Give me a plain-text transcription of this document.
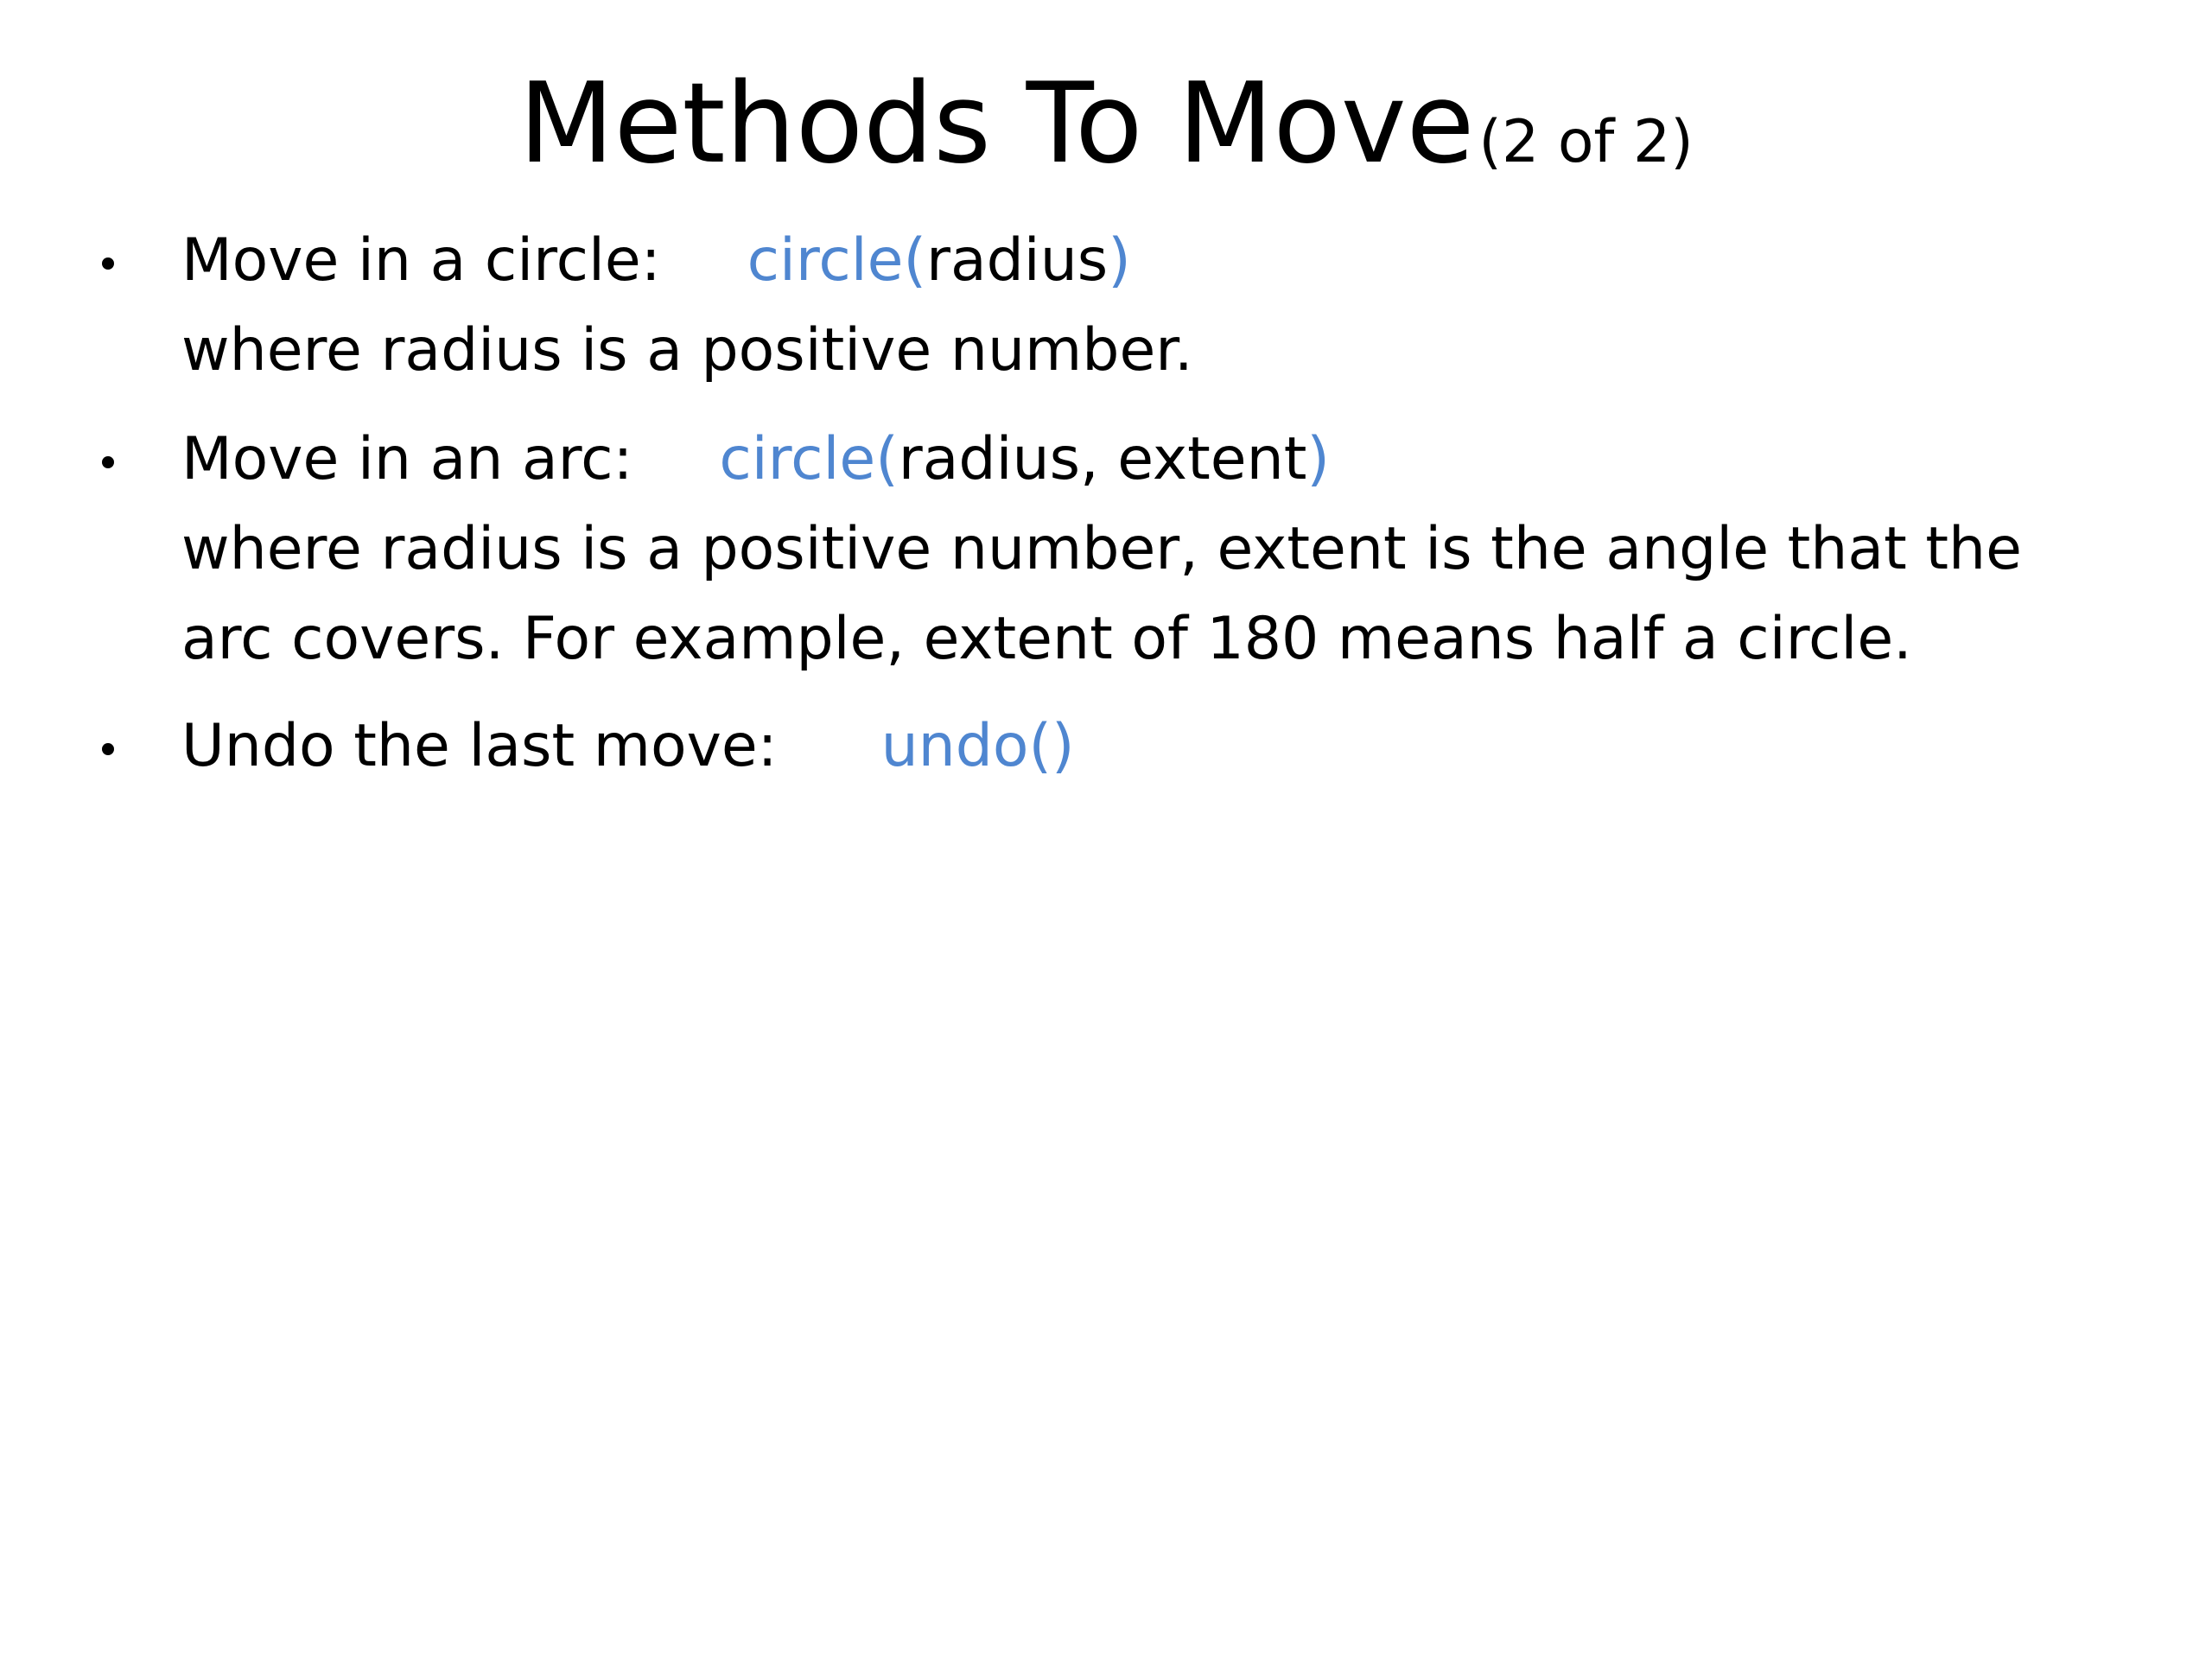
Methods To Move (2 of 2)
Move in a circle: circle(radius)
where radius is a positive number.
Move in an arc: circle(radius, extent)
where radius is a positive number, extent is the angle that the
arc covers. For example, extent of 180 means half a circle.
Undo the last move: undo()
